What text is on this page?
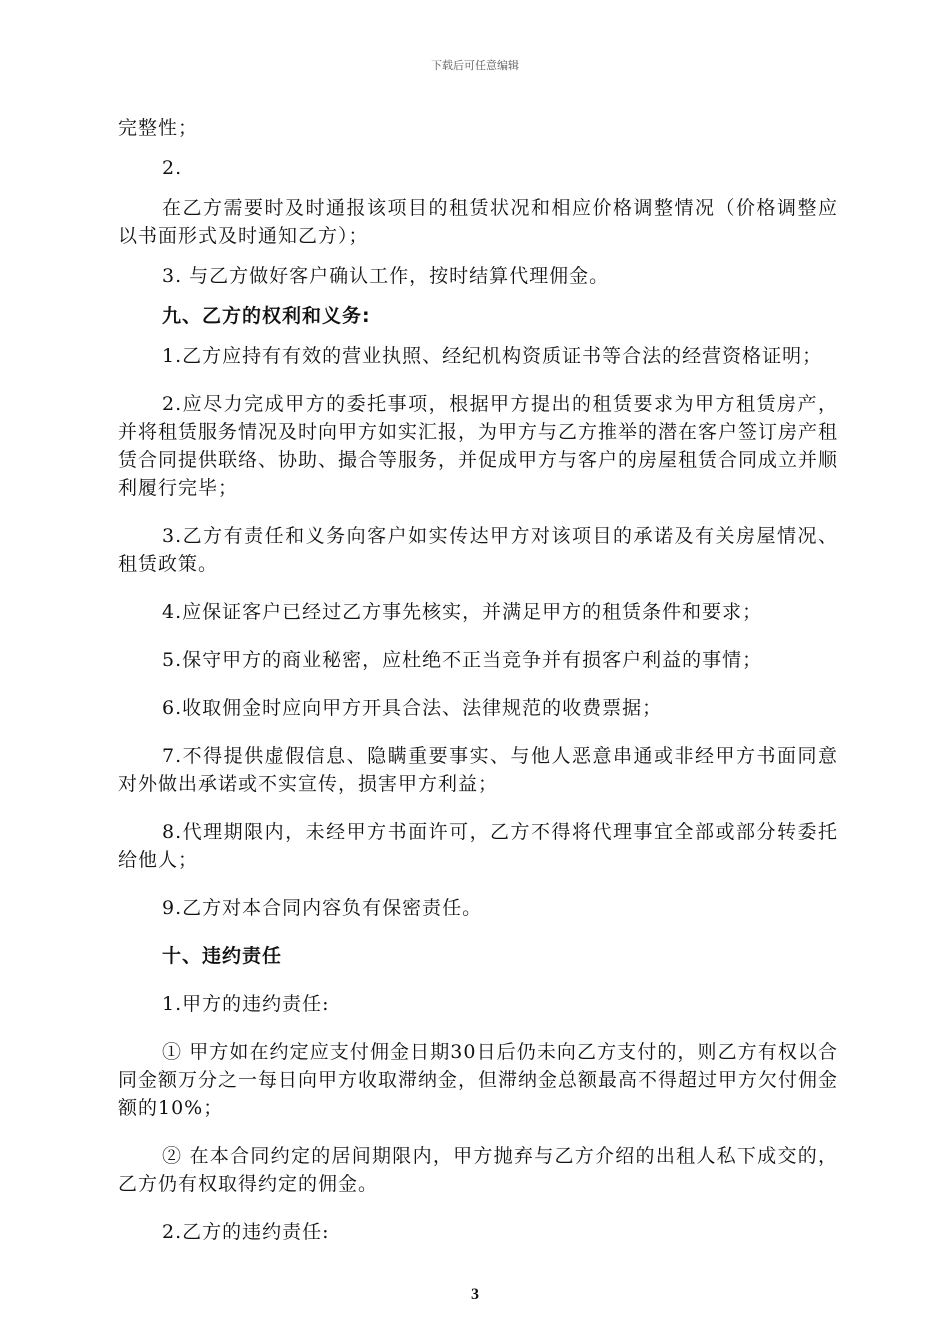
下载后可任意编辑

完整性；

2.

在乙方需要时及时通报该项目的租赁状况和相应价格调整情况（价格调整应以书面形式及时通知乙方）；

3. 与乙方做好客户确认工作，按时结算代理佣金。

九、乙方的权利和义务:

1.乙方应持有有效的营业执照、经纪机构资质证书等合法的经营资格证明；

2.应尽力完成甲方的委托事项，根据甲方提出的租赁要求为甲方租赁房产，并将租赁服务情况及时向甲方如实汇报，为甲方与乙方推举的潜在客户签订房产租赁合同提供联络、协助、撮合等服务，并促成甲方与客户的房屋租赁合同成立并顺利履行完毕；

3.乙方有责任和义务向客户如实传达甲方对该项目的承诺及有关房屋情况、租赁政策。

4.应保证客户已经过乙方事先核实，并满足甲方的租赁条件和要求；

5.保守甲方的商业秘密，应杜绝不正当竞争并有损客户利益的事情；

6.收取佣金时应向甲方开具合法、法律规范的收费票据；

7.不得提供虚假信息、隐瞒重要事实、与他人恶意串通或非经甲方书面同意对外做出承诺或不实宣传，损害甲方利益；

8.代理期限内，未经甲方书面许可，乙方不得将代理事宜全部或部分转委托给他人；

9.乙方对本合同内容负有保密责任。

十、违约责任

1.甲方的违约责任:

① 甲方如在约定应支付佣金日期30日后仍未向乙方支付的，则乙方有权以合同金额万分之一每日向甲方收取滞纳金，但滞纳金总额最高不得超过甲方欠付佣金额的10%；

② 在本合同约定的居间期限内，甲方抛弃与乙方介绍的出租人私下成交的，乙方仍有权取得约定的佣金。

2.乙方的违约责任:

3
